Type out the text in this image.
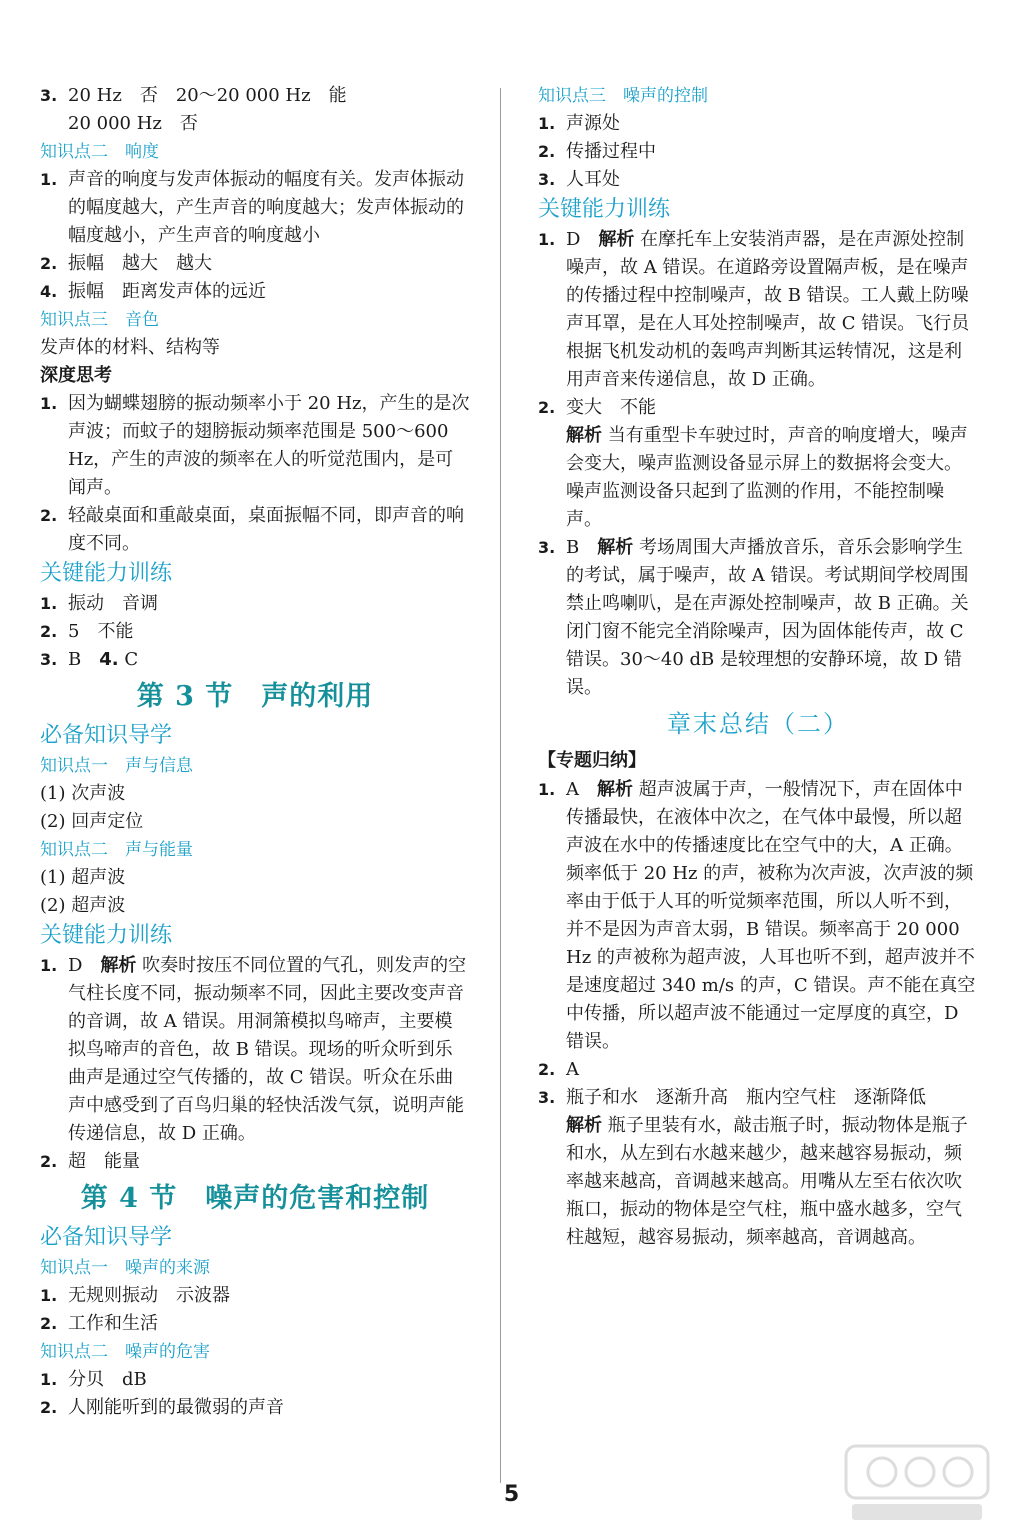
3. 20 Hz 否 20～20 000 Hz 能
20 000 Hz　否
知识点二　响度
1. 声音的响度与发声体振动的幅度有关。发声体振动的幅度越大，产生声音的响度越大；发声体振动的幅度越小，产生声音的响度越小
2. 振幅　越大　越大
4. 振幅　距离发声体的远近
知识点三　音色
发声体的材料、结构等
深度思考
1. 因为蝴蝶翅膀的振动频率小于 20 Hz，产生的是次声波；而蚊子的翅膀振动频率范围是 500～600 Hz，产生的声波的频率在人的听觉范围内，是可闻声。
2. 轻敲桌面和重敲桌面，桌面振幅不同，即声音的响度不同。
关键能力训练
1. 振动　音调
2. 5　不能
3. B 4. C
第 3 节　声的利用
必备知识导学
知识点一　声与信息
(1) 次声波
(2) 回声定位
知识点二　声与能量
(1) 超声波
(2) 超声波
关键能力训练
1. D　 解析 吹奏时按压不同位置的气孔，则发声的空气柱长度不同，振动频率不同，因此主要改变声音的音调，故 A 错误。用洞箫模拟鸟啼声，主要模拟鸟啼声的音色，故 B 错误。现场的听众听到乐曲声是通过空气传播的，故 C 错误。听众在乐曲声中感受到了百鸟归巢的轻快活泼气氛，说明声能传递信息，故 D 正确。
2. 超　能量
第 4 节　噪声的危害和控制
必备知识导学
知识点一　噪声的来源
1. 无规则振动　示波器
2. 工作和生活
知识点二　噪声的危害
1. 分贝　dB
2. 人刚能听到的最微弱的声音
知识点三　噪声的控制
1. 声源处
2. 传播过程中
3. 人耳处
关键能力训练
1. D　 解析 在摩托车上安装消声器，是在声源处控制噪声，故 A 错误。在道路旁设置隔声板，是在噪声的传播过程中控制噪声，故 B 错误。工人戴上防噪声耳罩，是在人耳处控制噪声，故 C 错误。飞行员根据飞机发动机的轰鸣声判断其运转情况，这是利用声音来传递信息，故 D 正确。
2. 变大　不能
解析 当有重型卡车驶过时，声音的响度增大，噪声会变大，噪声监测设备显示屏上的数据将会变大。噪声监测设备只起到了监测的作用，不能控制噪声。
3. B　 解析 考场周围大声播放音乐，音乐会影响学生的考试，属于噪声，故 A 错误。考试期间学校周围禁止鸣喇叭，是在声源处控制噪声，故 B 正确。关闭门窗不能完全消除噪声，因为固体能传声，故 C 错误。30～40 dB 是较理想的安静环境，故 D 错误。
章末总结（二）
【专题归纳】
1. A　 解析 超声波属于声，一般情况下，声在固体中传播最快，在液体中次之，在气体中最慢，所以超声波在水中的传播速度比在空气中的大，A 正确。频率低于 20 Hz 的声，被称为次声波，次声波的频率由于低于人耳的听觉频率范围，所以人听不到，并不是因为声音太弱，B 错误。频率高于 20 000 Hz 的声被称为超声波，人耳也听不到，超声波并不是速度超过 340 m/s 的声，C 错误。声不能在真空中传播，所以超声波不能通过一定厚度的真空，D 错误。
2. A
3. 瓶子和水　逐渐升高　瓶内空气柱　逐渐降低
解析 瓶子里装有水，敲击瓶子时，振动物体是瓶子和水，从左到右水越来越少，越来越容易振动，频率越来越高，音调越来越高。用嘴从左至右依次吹瓶口，振动的物体是空气柱，瓶中盛水越多，空气柱越短，越容易振动，频率越高，音调越高。
5
